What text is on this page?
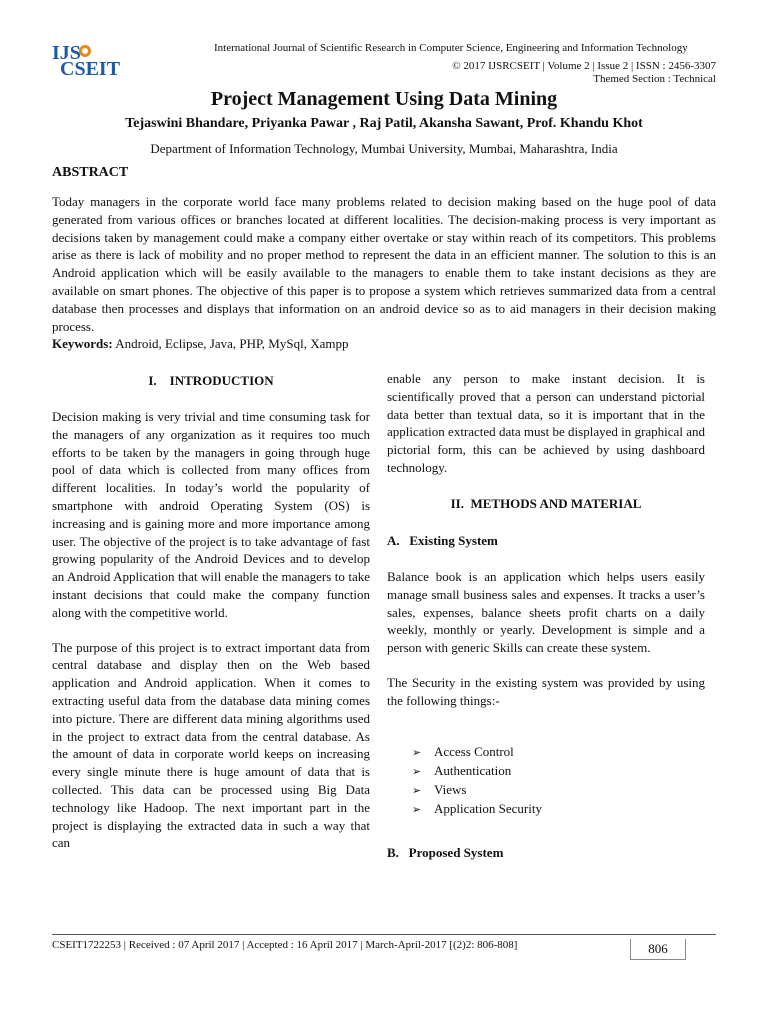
IJS
CSEIT
International Journal of Scientific Research in Computer Science, Engineering and Information Technology
© 2017 IJSRCSEIT | Volume 2 | Issue 2 | ISSN : 2456-3307
Themed Section : Technical
Project Management Using Data Mining
Tejaswini Bhandare, Priyanka Pawar , Raj Patil, Akansha Sawant, Prof. Khandu Khot
Department of Information Technology, Mumbai University, Mumbai, Maharashtra, India
ABSTRACT
Today managers in the corporate world face many problems related to decision making based on the huge pool of data generated from various offices or branches located at different localities. The decision-making process is very important as decisions taken by management could make a company either overtake or stay within reach of its competitors. This problems arise as there is lack of mobility and no proper method to represent the data in an efficient manner. The solution to this is an Android application which will be easily available to the managers to enable them to take instant decisions as they are available on smart phones. The objective of this paper is to propose a system which retrieves summarized data from a central database then processes and displays that information on an android device so as to aid managers in their decision making process.
Keywords: Android, Eclipse, Java, PHP, MySql, Xampp
I.    INTRODUCTION

Decision making is very trivial and time consuming task for the managers of any organization as it requires too much efforts to be taken by the managers in going through huge pool of data which is collected from many offices from different localities. In today’s world the popularity of smartphone with android Operating System (OS) is increasing and is gaining more and more importance among user. The objective of the project is to take advantage of fast growing popularity of the Android Devices and to develop an Android Application that will enable the managers to take instant decisions that could make the company function along with the competitive world.

The purpose of this project is to extract important data from central database and display then on the Web based application and Android application. When it comes to extracting useful data from the database data mining comes into picture. There are different data mining algorithms used in the project to extract data from the central database. As the amount of data in corporate world keeps on increasing every single minute there is huge amount of data that is collected. This data can be processed using Big Data technology like Hadoop. The next important part in the project is displaying the extracted data in such a way that can

enable any person to make instant decision. It is scientifically proved that a person can understand pictorial data better than textual data, so it is important that in the application extracted data must be displayed in graphical and pictorial form, this can be achieved by using dashboard technology.

II.  METHODS AND MATERIAL
A.   Existing System

Balance book is an application which helps users easily manage small business sales and expenses. It tracks a user’s sales, expenses, balance sheets profit charts on a daily weekly, monthly or yearly. Development is simple and a person with generic Skills can create these system.

The Security in the existing system was provided by using the following things:-

➢ Access Control
➢ Authentication
➢ Views
➢ Application Security
B.   Proposed System
CSEIT1722253 | Received : 07 April 2017 | Accepted : 16 April 2017 | March-April-2017 [(2)2: 806-808]	806
